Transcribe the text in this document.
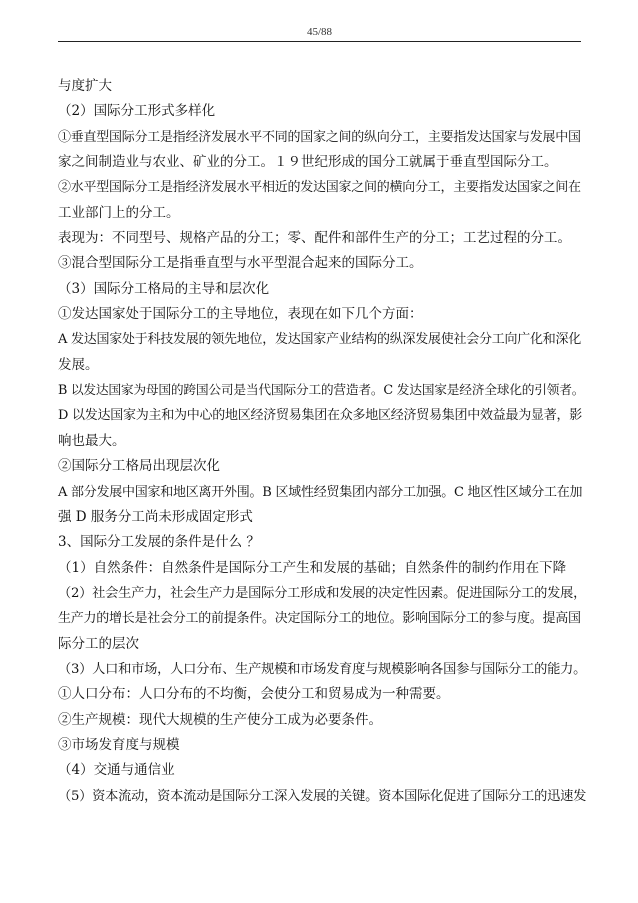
45/88
与度扩大
（2）国际分工形式多样化
①垂直型国际分工是指经济发展水平不同的国家之间的纵向分工，主要指发达国家与发展中国
家之间制造业与农业、矿业的分工。１９世纪形成的国分工就属于垂直型国际分工。
②水平型国际分工是指经济发展水平相近的发达国家之间的横向分工，主要指发达国家之间在
工业部门上的分工。
表现为：不同型号、规格产品的分工；零、配件和部件生产的分工；工艺过程的分工。
③混合型国际分工是指垂直型与水平型混合起来的国际分工。
（3）国际分工格局的主导和层次化
①发达国家处于国际分工的主导地位，表现在如下几个方面：
A 发达国家处于科技发展的领先地位，发达国家产业结构的纵深发展使社会分工向广化和深化
发展。
B 以发达国家为母国的跨国公司是当代国际分工的营造者。C 发达国家是经济全球化的引领者。
D 以发达国家为主和为中心的地区经济贸易集团在众多地区经济贸易集团中效益最为显著，影
响也最大。
②国际分工格局出现层次化
A 部分发展中国家和地区离开外围。B 区域性经贸集团内部分工加强。C 地区性区域分工在加
强 D 服务分工尚未形成固定形式
3、国际分工发展的条件是什么 ？
（1）自然条件：自然条件是国际分工产生和发展的基础；自然条件的制约作用在下降
（2）社会生产力，社会生产力是国际分工形成和发展的决定性因素。促进国际分工的发展，
生产力的增长是社会分工的前提条件。决定国际分工的地位。影响国际分工的参与度。提高国
际分工的层次
（3）人口和市场，人口分布、生产规模和市场发育度与规模影响各国参与国际分工的能力。
①人口分布：人口分布的不均衡，会使分工和贸易成为一种需要。
②生产规模：现代大规模的生产使分工成为必要条件。
③市场发育度与规模
（4）交通与通信业
（5）资本流动，资本流动是国际分工深入发展的关键。资本国际化促进了国际分工的迅速发
